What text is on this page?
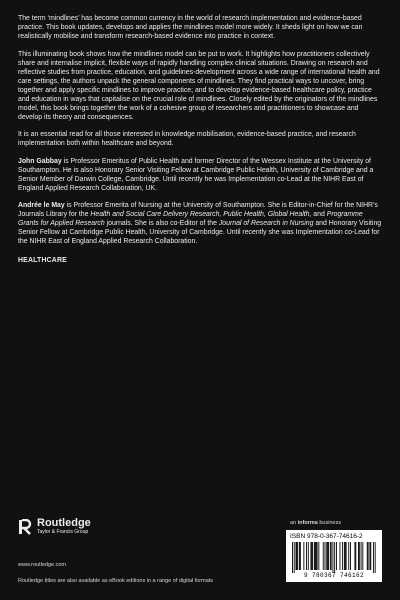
The term ‘mindlines’ has become common currency in the world of research implementation and evidence-based practice. This book updates, develops and applies the mindlines model more widely. It sheds light on how we can realistically mobilise and transform research-based evidence into practice in context.

This illuminating book shows how the mindlines model can be put to work. It highlights how practitioners collectively share and internalise implicit, flexible ways of rapidly handling complex clinical situations. Drawing on research and reflective studies from practice, education, and guidelines-development across a wide range of international health and care settings, the authors unpack the general components of mindlines. They find practical ways to uncover, bring together and apply specific mindlines to improve practice; and to develop evidence-based healthcare policy, practice and education in ways that capitalise on the crucial role of mindlines. Closely edited by the originators of the mindlines model, this book brings together the work of a cohesive group of researchers and practitioners to showcase and develop its theory and consequences.

It is an essential read for all those interested in knowledge mobilisation, evidence-based practice, and research implementation both within healthcare and beyond.

John Gabbay is Professor Emeritus of Public Health and former Director of the Wessex Institute at the University of Southampton. He is also Honorary Senior Visiting Fellow at Cambridge Public Health, University of Cambridge and a Senior Member of Darwin College, Cambridge. Until recently he was Implementation co-Lead at the NIHR East of England Applied Research Collaboration, UK.

Andrée le May is Professor Emerita of Nursing at the University of Southampton. She is Editor-in-Chief for the NIHR’s Journals Library for the Health and Social Care Delivery Research, Public Health, Global Health, and Programme Grants for Applied Research journals. She is also co-Editor of the Journal of Research in Nursing and Honorary Visiting Senior Fellow at Cambridge Public Health, University of Cambridge. Until recently she was Implementation co-Lead for the NIHR East of England Applied Research Collaboration.

HEALTHCARE
Routledge
Taylor & Francis Group
www.routledge.com
Routledge titles are also available as eBook editions in a range of digital formats
an informa business
ISBN 978-0-367-74616-2
9 780367 746162
